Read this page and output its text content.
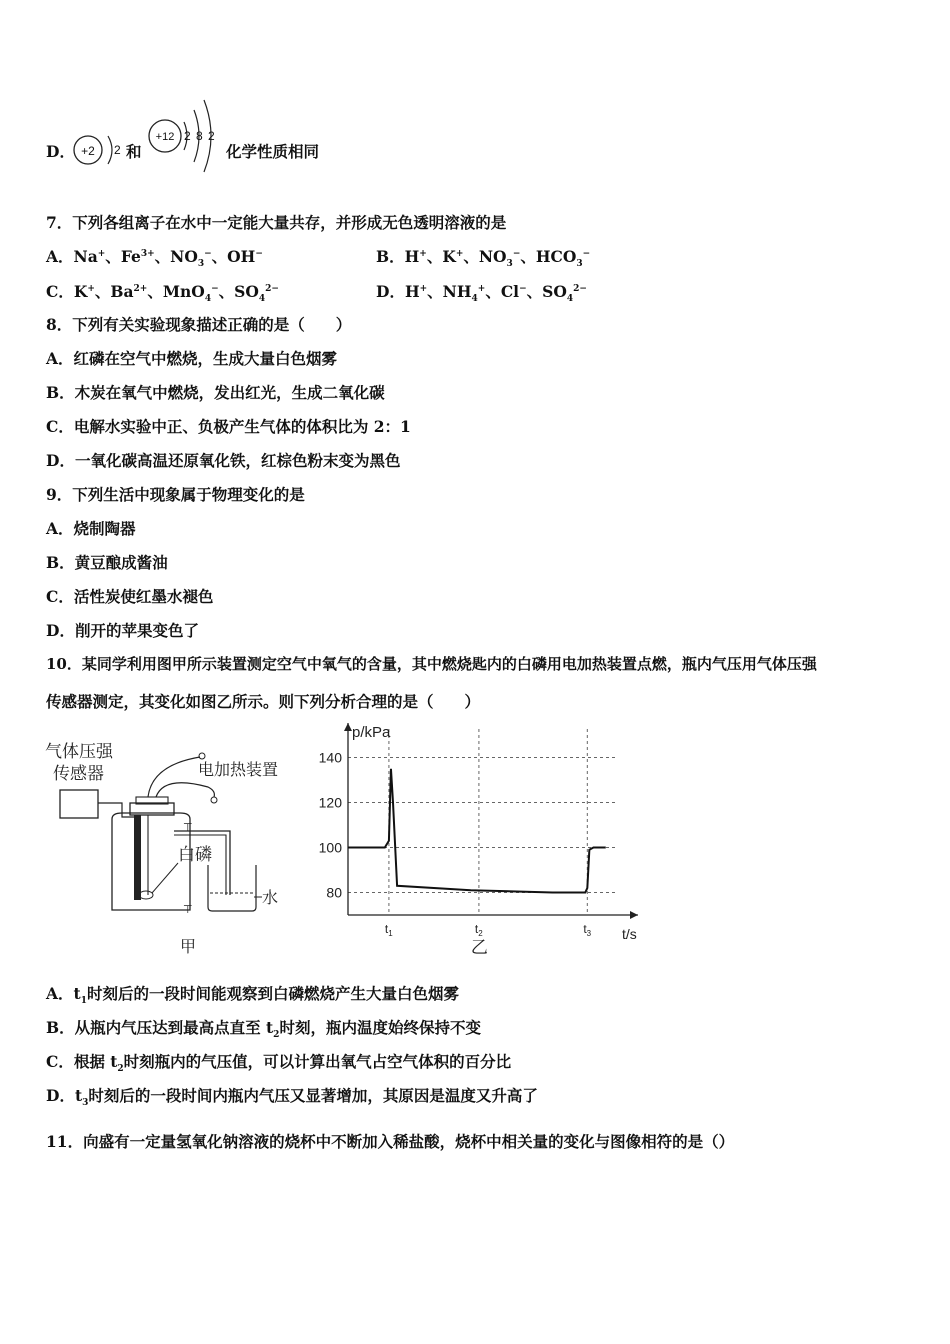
D． +2 2 和
+12 2 8 2
化学性质相同
7．下列各组离子在水中一定能大量共存，并形成无色透明溶液的是
A．Na+、$Fe^{3+}$、$NO_3^-$、OH−	B．H+、K+、$NO_3^-$、$HCO_3^-$
C．K+、$Ba^{2+}$、MnO$_4$−、$SO_4^{2-}$	D．H+、$NH_4^+$、Cl−、$SO_4^{2-}$
8．下列有关实验现象描述正确的是（　　）
A．红磷在空气中燃烧，生成大量白色烟雾
B．木炭在氧气中燃烧，发出红光，生成二氧化碳
C．电解水实验中正、负极产生气体的体积比为 2：1
D．一氧化碳高温还原氧化铁，红棕色粉末变为黑色
9．下列生活中现象属于物理变化的是
A．烧制陶器
B．黄豆酿成酱油
C．活性炭使红墨水褪色
D．削开的苹果变色了
10．某同学利用图甲所示装置测定空气中氧气的含量，其中燃烧匙内的白磷用电加热装置点燃，瓶内气压用气体压强
传感器测定，其变化如图乙所示。则下列分析合理的是（　　）
气体压强
传感器	电加热装置
白磷
⊤
⊤
水
甲
80
100
120
140
$t_1$	$t_2$	$t_3$
p/kPa
t/s
乙
A．$t_1$时刻后的一段时间能观察到白磷燃烧产生大量白色烟雾
B．从瓶内气压达到最高点直至 $t_2$时刻，瓶内温度始终保持不变
C．根据 $t_2$时刻瓶内的气压值，可以计算出氧气占空气体积的百分比
D．$t_3$时刻后的一段时间内瓶内气压又显著增加，其原因是温度又升高了
11．向盛有一定量氢氧化钠溶液的烧杯中不断加入稀盐酸，烧杯中相关量的变化与图像相符的是（）
